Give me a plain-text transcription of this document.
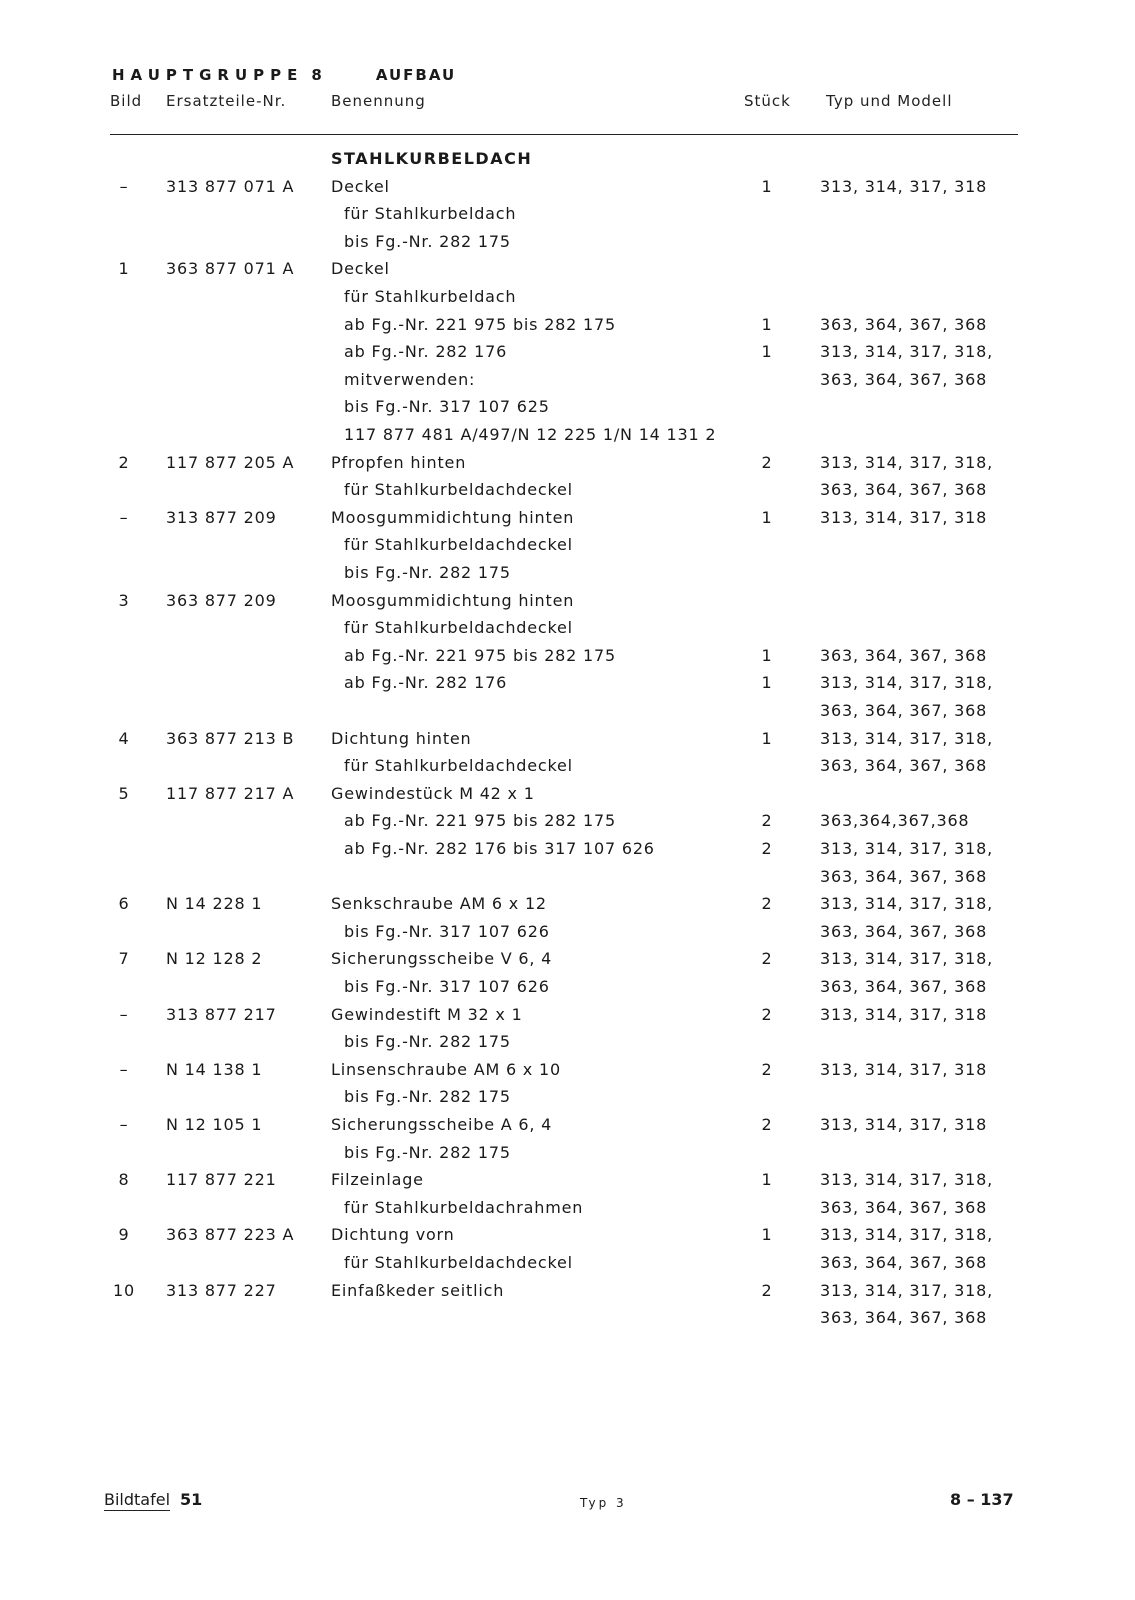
HAUPTGRUPPE 8	AUFBAU
Bild Ersatzteile-Nr.	Benennung	Stück Typ und Modell
STAHLKURBELDACH
–	313 877 071 A Deckel	1	313, 314, 317, 318
für Stahlkurbeldach
bis Fg.-Nr. 282 175
1	363 877 071 A Deckel
für Stahlkurbeldach
ab Fg.-Nr. 221 975 bis 282 175	1	363, 364, 367, 368
ab Fg.-Nr. 282 176	1	313, 314, 317, 318,
mitverwenden:	363, 364, 367, 368
bis Fg.-Nr. 317 107 625
117 877 481 A/497/N 12 225 1/N 14 131 2
2	117 877 205 A Pfropfen hinten	2	313, 314, 317, 318,
für Stahlkurbeldachdeckel	363, 364, 367, 368
–	313 877 209	Moosgummidichtung hinten	1	313, 314, 317, 318
für Stahlkurbeldachdeckel
bis Fg.-Nr. 282 175
3	363 877 209	Moosgummidichtung hinten
für Stahlkurbeldachdeckel
ab Fg.-Nr. 221 975 bis 282 175	1	363, 364, 367, 368
ab Fg.-Nr. 282 176	1	313, 314, 317, 318,
363, 364, 367, 368
4	363 877 213 B Dichtung hinten	1	313, 314, 317, 318,
für Stahlkurbeldachdeckel	363, 364, 367, 368
5	117 877 217 A Gewindestück M 42 x 1
ab Fg.-Nr. 221 975 bis 282 175	2	363,364,367,368
ab Fg.-Nr. 282 176 bis 317 107 626	2	313, 314, 317, 318,
363, 364, 367, 368
6	N 14 228 1	Senkschraube AM 6 x 12	2	313, 314, 317, 318,
bis Fg.-Nr. 317 107 626	363, 364, 367, 368
7	N 12 128 2	Sicherungsscheibe V 6, 4	2	313, 314, 317, 318,
bis Fg.-Nr. 317 107 626	363, 364, 367, 368
–	313 877 217	Gewindestift M 32 x 1	2	313, 314, 317, 318
bis Fg.-Nr. 282 175
–	N 14 138 1	Linsenschraube AM 6 x 10	2	313, 314, 317, 318
bis Fg.-Nr. 282 175
–	N 12 105 1	Sicherungsscheibe A 6, 4	2	313, 314, 317, 318
bis Fg.-Nr. 282 175
8	117 877 221	Filzeinlage	1	313, 314, 317, 318,
für Stahlkurbeldachrahmen	363, 364, 367, 368
9	363 877 223 A Dichtung vorn	1	313, 314, 317, 318,
für Stahlkurbeldachdeckel	363, 364, 367, 368
10	313 877 227	Einfaßkeder seitlich	2	313, 314, 317, 318,
363, 364, 367, 368
Bildtafel 51	Typ 3	8 – 137
